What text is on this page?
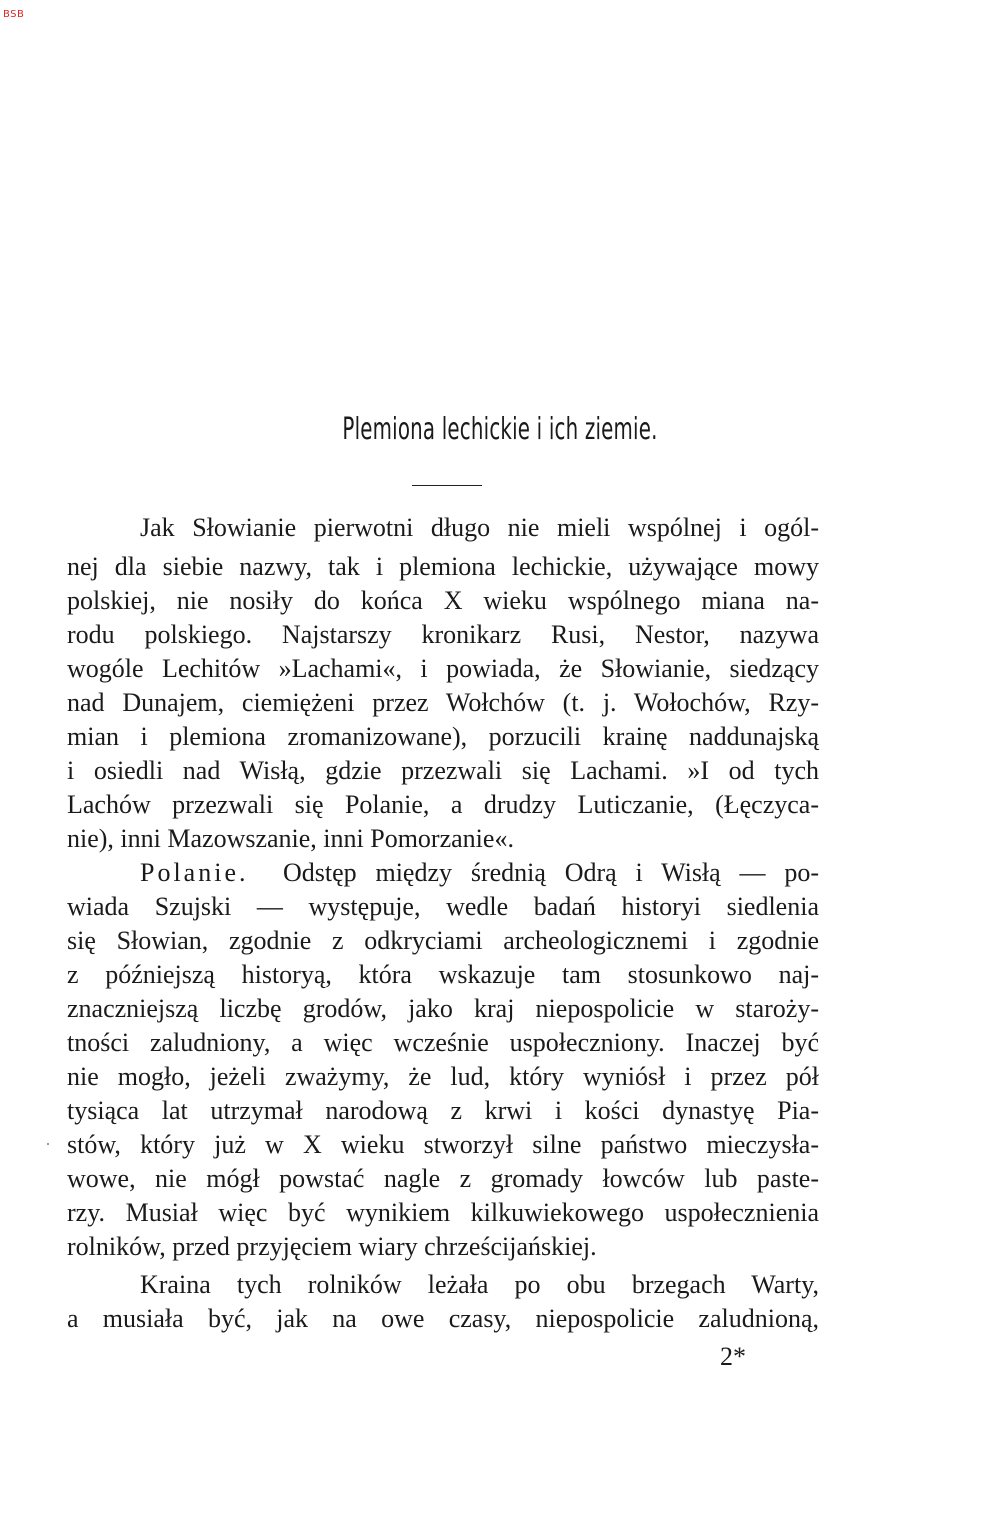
BSB
Plemiona lechickie i ich ziemie.
Jak Słowianie pierwotni długo nie mieli wspólnej i ogól-
nej dla siebie nazwy, tak i plemiona lechickie, używające mowy
polskiej, nie nosiły do końca X wieku wspólnego miana na-
rodu polskiego. Najstarszy kronikarz Rusi, Nestor, nazywa
wogóle Lechitów »Lachami«, i powiada, że Słowianie, siedzący
nad Dunajem, ciemiężeni przez Wołchów (t. j. Wołochów, Rzy-
mian i plemiona zromanizowane), porzucili krainę naddunajską
i osiedli nad Wisłą, gdzie przezwali się Lachami. »I od tych
Lachów przezwali się Polanie, a drudzy Luticzanie, (Łęczyca-
nie), inni Mazowszanie, inni Pomorzanie«.
Polanie.	Odstęp między średnią Odrą i Wisłą — po-
wiada Szujski — występuje, wedle badań historyi siedlenia
się Słowian, zgodnie z odkryciami archeologicznemi i zgodnie
z późniejszą historyą, która wskazuje tam stosunkowo naj-
znaczniejszą liczbę grodów, jako kraj niepospolicie w staroży-
tności zaludniony, a więc wcześnie uspołeczniony. Inaczej być
nie mogło, jeżeli zważymy, że lud, który wyniósł i przez pół
tysiąca lat utrzymał narodową z krwi i kości dynastyę Pia-
stów, który już w X wieku stworzył silne państwo mieczysła-
wowe, nie mógł powstać nagle z gromady łowców lub paste-
rzy. Musiał więc być wynikiem kilkuwiekowego uspołecznienia
rolników, przed przyjęciem wiary chrześcijańskiej.
Kraina tych rolników leżała po obu brzegach Warty,
a musiała być, jak na owe czasy, niepospolicie zaludnioną,
2*
